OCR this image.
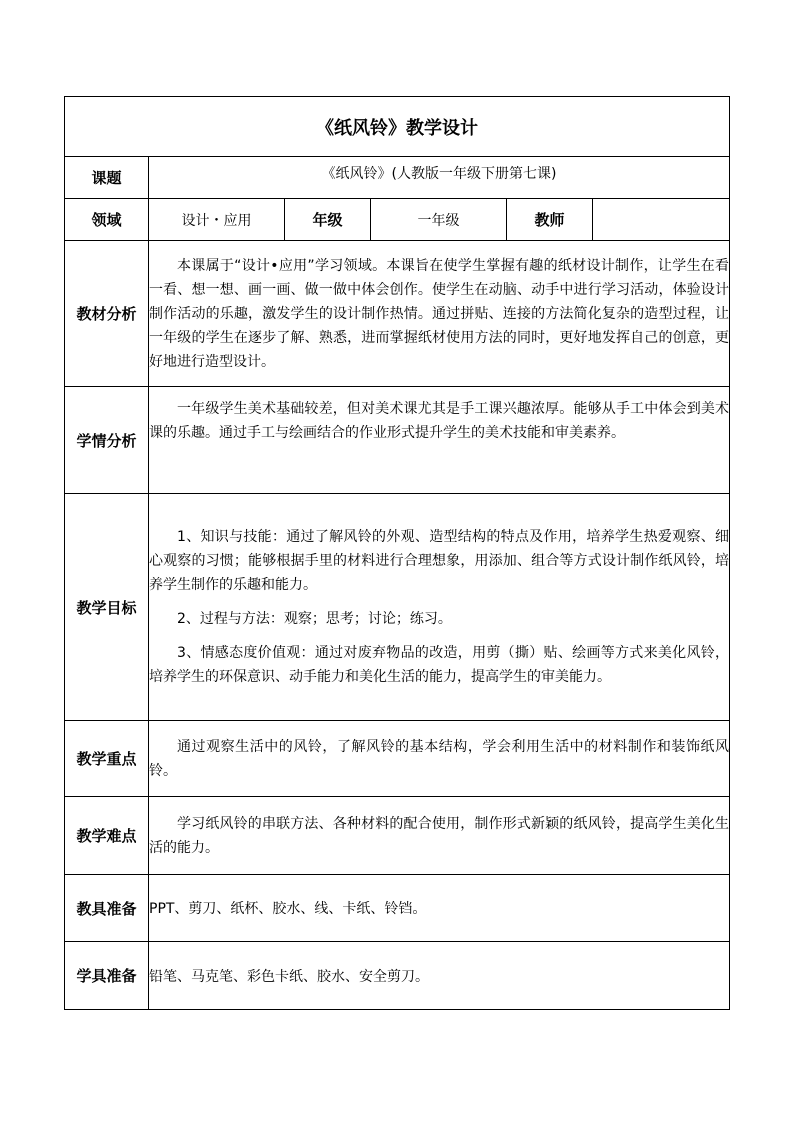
《纸风铃》教学设计					
课题	《纸风铃》(人教版一年级下册第七课)				
领域	设计・应用	年级	一年级	教师	
教材分析	本课属于“设计•应用”学习领域。本课旨在使学生掌握有趣的纸材设计制作，让学生在看一看、想一想、画一画、做一做中体会创作。使学生在动脑、动手中进行学习活动，体验设计制作活动的乐趣，激发学生的设计制作热情。通过拼贴、连接的方法简化复杂的造型过程，让一年级的学生在逐步了解、熟悉，进而掌握纸材使用方法的同时，更好地发挥自己的创意，更好地进行造型设计。				
学情分析	一年级学生美术基础较差，但对美术课尤其是手工课兴趣浓厚。能够从手工中体会到美术课的乐趣。通过手工与绘画结合的作业形式提升学生的美术技能和审美素养。				
教学目标	1、知识与技能：通过了解风铃的外观、造型结构的特点及作用，培养学生热爱观察、细心观察的习惯；能够根据手里的材料进行合理想象，用添加、组合等方式设计制作纸风铃，培养学生制作的乐趣和能力。

2、过程与方法：观察；思考；讨论；练习。

3、情感态度价值观：通过对废弃物品的改造，用剪（撕）贴、绘画等方式来美化风铃，培养学生的环保意识、动手能力和美化生活的能力，提高学生的审美能力。				

教学重点	通过观察生活中的风铃，了解风铃的基本结构，学会利用生活中的材料制作和装饰纸风铃。				
教学难点	学习纸风铃的串联方法、各种材料的配合使用，制作形式新颖的纸风铃，提高学生美化生活的能力。				
教具准备	PPT、剪刀、纸杯、胶水、线、卡纸、铃铛。				
学具准备	铅笔、马克笔、彩色卡纸、胶水、安全剪刀。				
